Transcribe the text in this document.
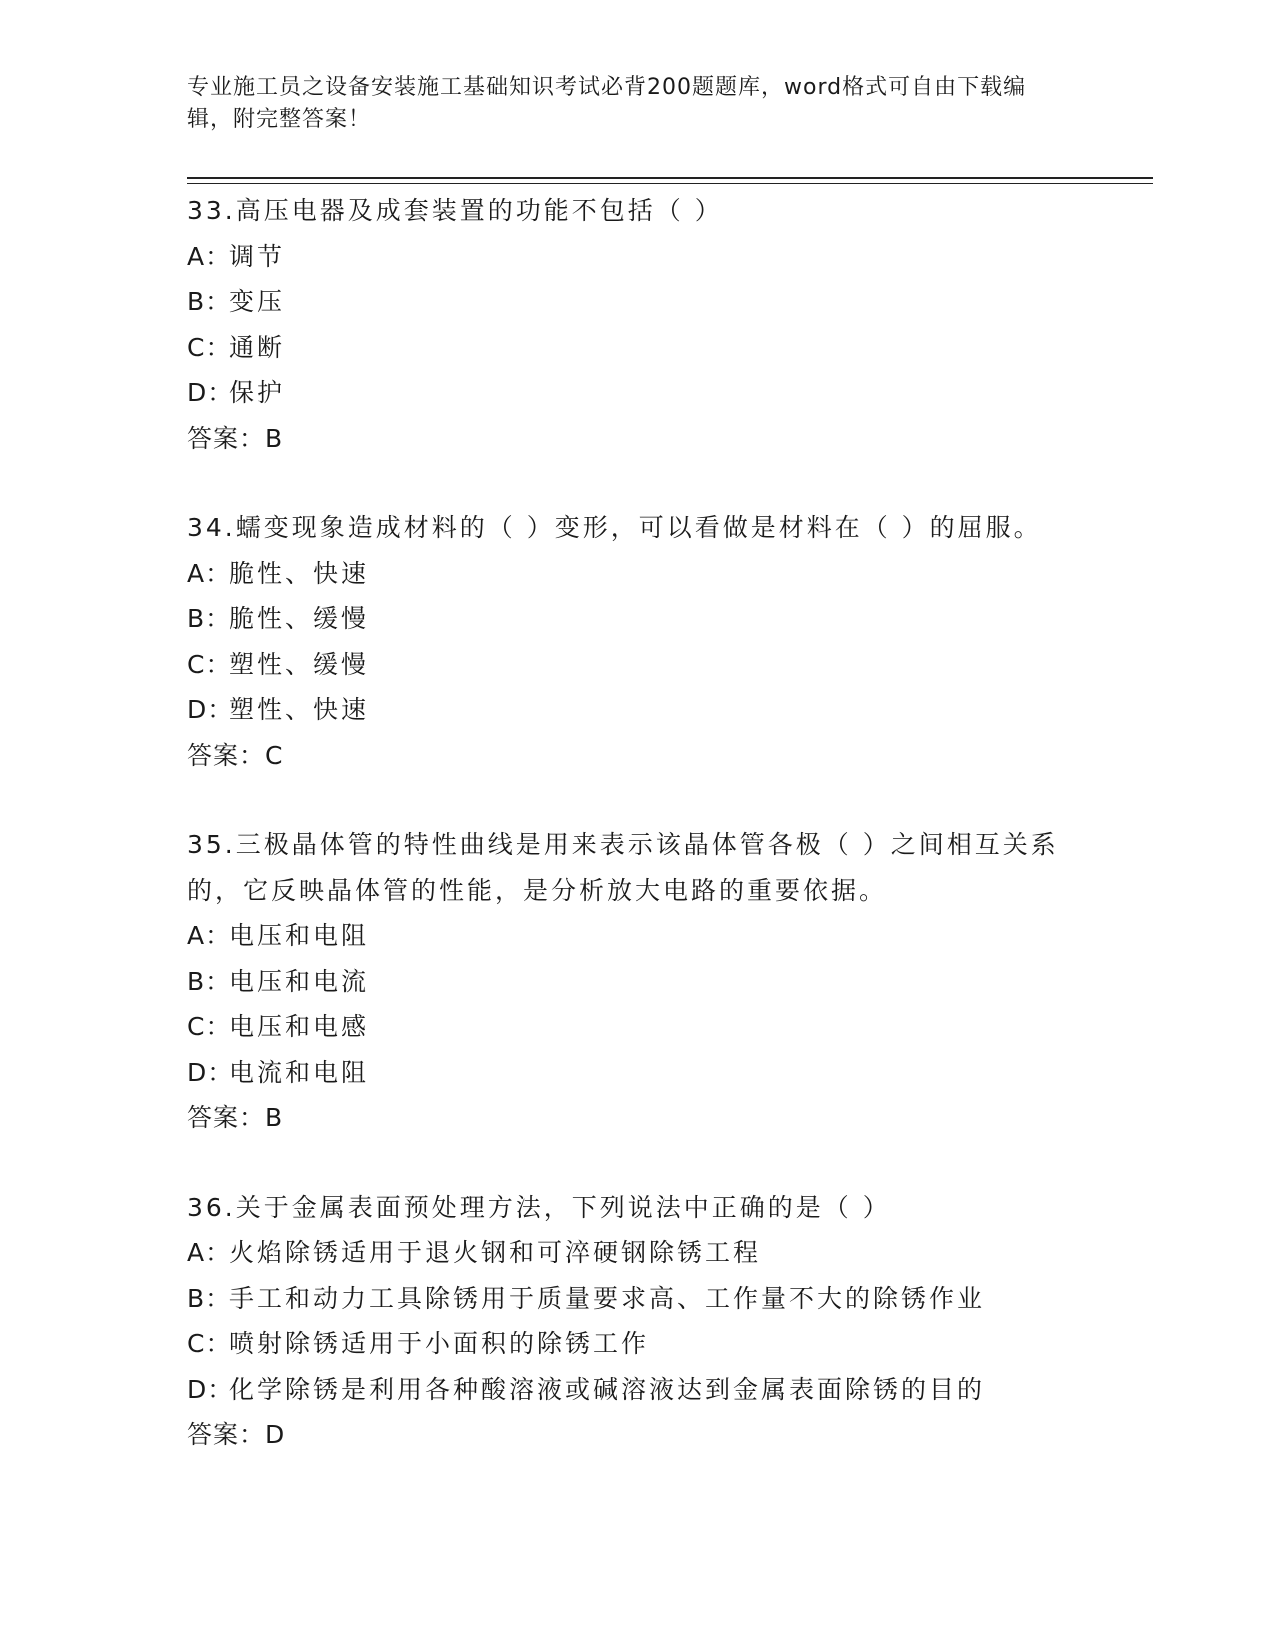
专业施工员之设备安装施工基础知识考试必背200题题库，word格式可自由下载编辑，附完整答案！

33.高压电器及成套装置的功能不包括（ ）

A：调节

B：变压

C：通断

D：保护

答案：B

34.蠕变现象造成材料的（ ）变形，可以看做是材料在（ ）的屈服。

A：脆性、快速

B：脆性、缓慢

C：塑性、缓慢

D：塑性、快速

答案：C

35.三极晶体管的特性曲线是用来表示该晶体管各极（ ）之间相互关系的，它反映晶体管的性能，是分析放大电路的重要依据。

A：电压和电阻

B：电压和电流

C：电压和电感

D：电流和电阻

答案：B

36.关于金属表面预处理方法，下列说法中正确的是（ ）

A：火焰除锈适用于退火钢和可淬硬钢除锈工程

B：手工和动力工具除锈用于质量要求高、工作量不大的除锈作业

C：喷射除锈适用于小面积的除锈工作

D：化学除锈是利用各种酸溶液或碱溶液达到金属表面除锈的目的

答案：D
